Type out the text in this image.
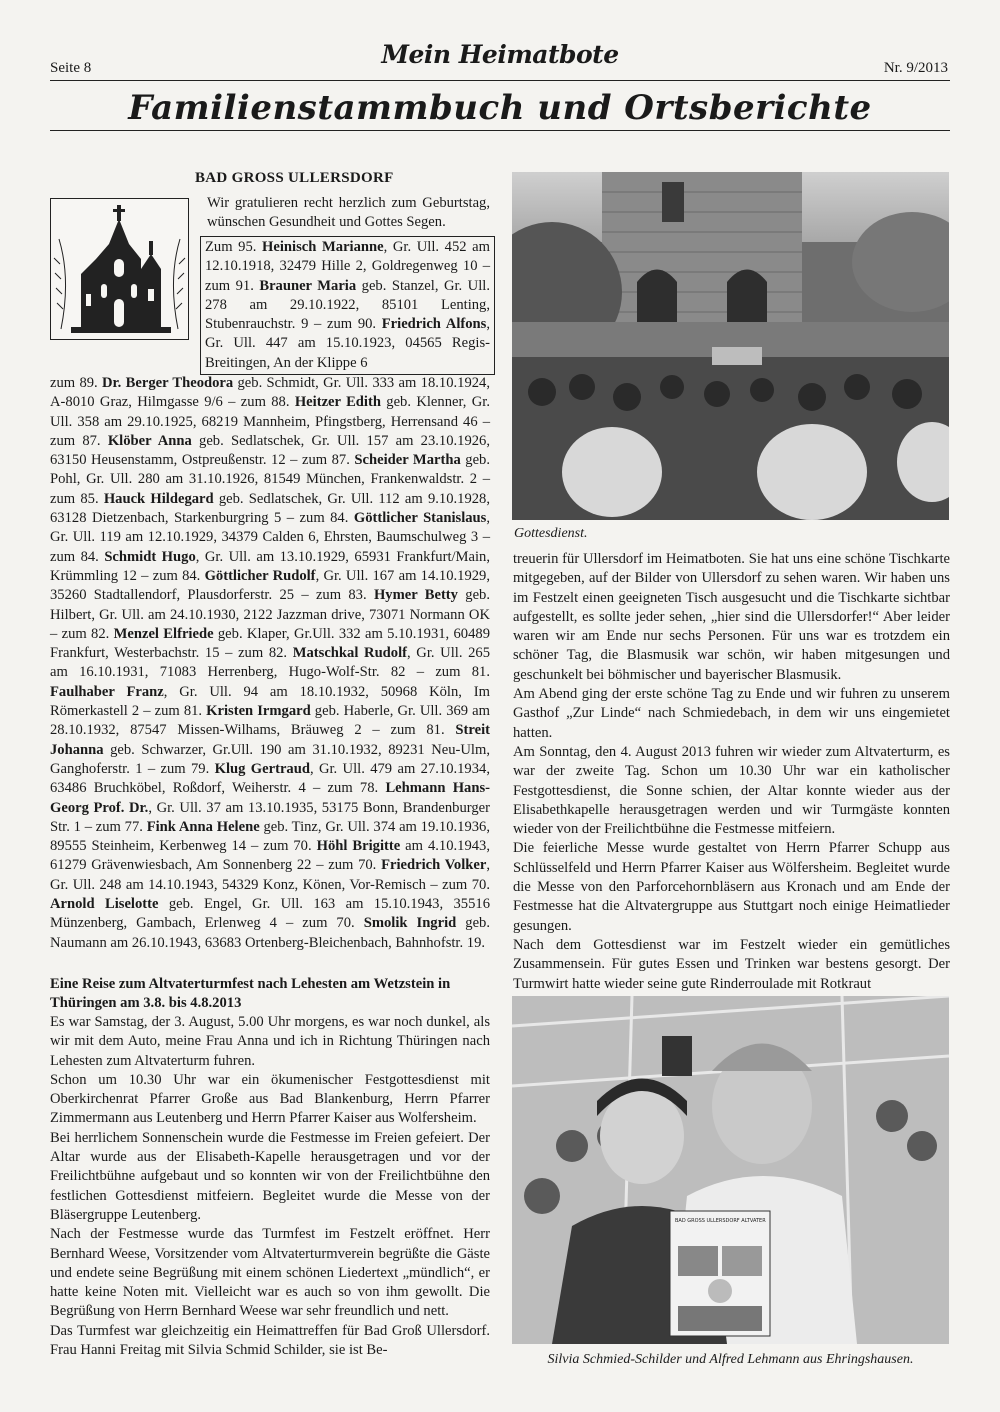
Seite 8	Mein Heimatbote	Nr. 9/2013
Familienstammbuch und Ortsberichte
BAD GROSS ULLERSDORF
Wir gratulieren recht herzlich zum Geburtstag, wünschen Gesundheit und Gottes Segen.
Zum 95. Heinisch Marianne, Gr. Ull. 452 am 12.10.1918, 32479 Hille 2, Goldregenweg 10 – zum 91. Brauner Maria geb. Stanzel, Gr. Ull. 278 am 29.10.1922, 85101 Lenting, Stubenrauchstr. 9 – zum 90. Friedrich Alfons, Gr. Ull. 447 am 15.10.1923, 04565 Regis-Breitingen, An der Klippe 6
zum 89. Dr. Berger Theodora geb. Schmidt, Gr. Ull. 333 am 18.10.1924, A-8010 Graz, Hilmgasse 9/6 – zum 88. Heitzer Edith geb. Klenner, Gr. Ull. 358 am 29.10.1925, 68219 Mannheim, Pfingstberg, Herrensand 46 – zum 87. Klöber Anna geb. Sedlatschek, Gr. Ull. 157 am 23.10.1926, 63150 Heusenstamm, Ostpreußenstr. 12 – zum 87. Scheider Martha geb. Pohl, Gr. Ull. 280 am 31.10.1926, 81549 München, Frankenwaldstr. 2 – zum 85. Hauck Hildegard geb. Sedlatschek, Gr. Ull. 112 am 9.10.1928, 63128 Dietzenbach, Starkenburgring 5 – zum 84. Göttlicher Stanislaus, Gr. Ull. 119 am 12.10.1929, 34379 Calden 6, Ehrsten, Baumschulweg 3 – zum 84. Schmidt Hugo, Gr. Ull. am 13.10.1929, 65931 Frankfurt/Main, Krümmling 12 – zum 84. Göttlicher Rudolf, Gr. Ull. 167 am 14.10.1929, 35260 Stadtallendorf, Plausdorferstr. 25 – zum 83. Hymer Betty geb. Hilbert, Gr. Ull. am 24.10.1930, 2122 Jazzman drive, 73071 Normann OK – zum 82. Menzel Elfriede geb. Klaper, Gr.Ull. 332 am 5.10.1931, 60489 Frankfurt, Westerbachstr. 15 – zum 82. Matschkal Rudolf, Gr. Ull. 265 am 16.10.1931, 71083 Herrenberg, Hugo-Wolf-Str. 82 – zum 81. Faulhaber Franz, Gr. Ull. 94 am 18.10.1932, 50968 Köln, Im Römerkastell 2 – zum 81. Kristen Irmgard geb. Haberle, Gr. Ull. 369 am 28.10.1932, 87547 Missen-Wilhams, Bräuweg 2 – zum 81. Streit Johanna geb. Schwarzer, Gr.Ull. 190 am 31.10.1932, 89231 Neu-Ulm, Ganghoferstr. 1 – zum 79. Klug Gertraud, Gr. Ull. 479 am 27.10.1934, 63486 Bruchköbel, Roßdorf, Weiherstr. 4 – zum 78. Lehmann Hans-Georg Prof. Dr., Gr. Ull. 37 am 13.10.1935, 53175 Bonn, Brandenburger Str. 1 – zum 77. Fink Anna Helene geb. Tinz, Gr. Ull. 374 am 19.10.1936, 89555 Steinheim, Kerbenweg 14 – zum 70. Höhl Brigitte am 4.10.1943, 61279 Grävenwiesbach, Am Sonnenberg 22 – zum 70. Friedrich Volker, Gr. Ull. 248 am 14.10.1943, 54329 Konz, Könen, Vor-Remisch – zum 70. Arnold Liselotte geb. Engel, Gr. Ull. 163 am 15.10.1943, 35516 Münzenberg, Gambach, Erlenweg 4 – zum 70. Smolik Ingrid geb. Naumann am 26.10.1943, 63683 Ortenberg-Bleichenbach, Bahnhofstr. 19.
Eine Reise zum Altvaterturmfest nach Lehesten am Wetzstein in Thüringen am 3.8. bis 4.8.2013

Es war Samstag, der 3. August, 5.00 Uhr morgens, es war noch dunkel, als wir mit dem Auto, meine Frau Anna und ich in Richtung Thüringen nach Lehesten zum Altvaterturm fuhren.

Schon um 10.30 Uhr war ein ökumenischer Festgottesdienst mit Oberkirchenrat Pfarrer Große aus Bad Blankenburg, Herrn Pfarrer Zimmermann aus Leutenberg und Herrn Pfarrer Kaiser aus Wolfersheim.

Bei herrlichem Sonnenschein wurde die Festmesse im Freien gefeiert. Der Altar wurde aus der Elisabeth-Kapelle herausgetragen und vor der Freilichtbühne aufgebaut und so konnten wir von der Freilichtbühne den festlichen Gottesdienst mitfeiern. Begleitet wurde die Messe von der Bläsergruppe Leutenberg.

Nach der Festmesse wurde das Turmfest im Festzelt eröffnet. Herr Bernhard Weese, Vorsitzender vom Altvaterturmverein begrüßte die Gäste und endete seine Begrüßung mit einem schönen Liedertext „mündlich“, er hatte keine Noten mit. Vielleicht war es auch so von ihm gewollt. Die Begrüßung von Herrn Bernhard Weese war sehr freundlich und nett.

Das Turmfest war gleichzeitig ein Heimattreffen für Bad Groß Ullersdorf. Frau Hanni Freitag mit Silvia Schmid Schilder, sie ist Be-

Gottesdienst.

treuerin für Ullersdorf im Heimatboten. Sie hat uns eine schöne Tischkarte mitgegeben, auf der Bilder von Ullersdorf zu sehen waren. Wir haben uns im Festzelt einen geeigneten Tisch ausgesucht und die Tischkarte sichtbar aufgestellt, es sollte jeder sehen, „hier sind die Ullersdorfer!“ Aber leider waren wir am Ende nur sechs Personen. Für uns war es trotzdem ein schöner Tag, die Blasmusik war schön, wir haben mitgesungen und geschunkelt bei böhmischer und bayerischer Blasmusik.

Am Abend ging der erste schöne Tag zu Ende und wir fuhren zu unserem Gasthof „Zur Linde“ nach Schmiedebach, in dem wir uns eingemietet hatten.

Am Sonntag, den 4. August 2013 fuhren wir wieder zum Altvaterturm, es war der zweite Tag. Schon um 10.30 Uhr war ein katholischer Festgottesdienst, die Sonne schien, der Altar konnte wieder aus der Elisabethkapelle herausgetragen werden und wir Turmgäste konnten wieder von der Freilichtbühne die Festmesse mitfeiern.

Die feierliche Messe wurde gestaltet von Herrn Pfarrer Schupp aus Schlüsselfeld und Herrn Pfarrer Kaiser aus Wölfersheim. Begleitet wurde die Messe von den Parforcehornbläsern aus Kronach und am Ende der Festmesse hat die Altvatergruppe aus Stuttgart noch einige Heimatlieder gesungen.

Nach dem Gottesdienst war im Festzelt wieder ein gemütliches Zusammensein. Für gutes Essen und Trinken war bestens gesorgt. Der Turmwirt hatte wieder seine gute Rinderroulade mit Rotkraut

BAD GROSS ULLERSDORF ALTVATER
Silvia Schmied-Schilder und Alfred Lehmann aus Ehringshausen.
